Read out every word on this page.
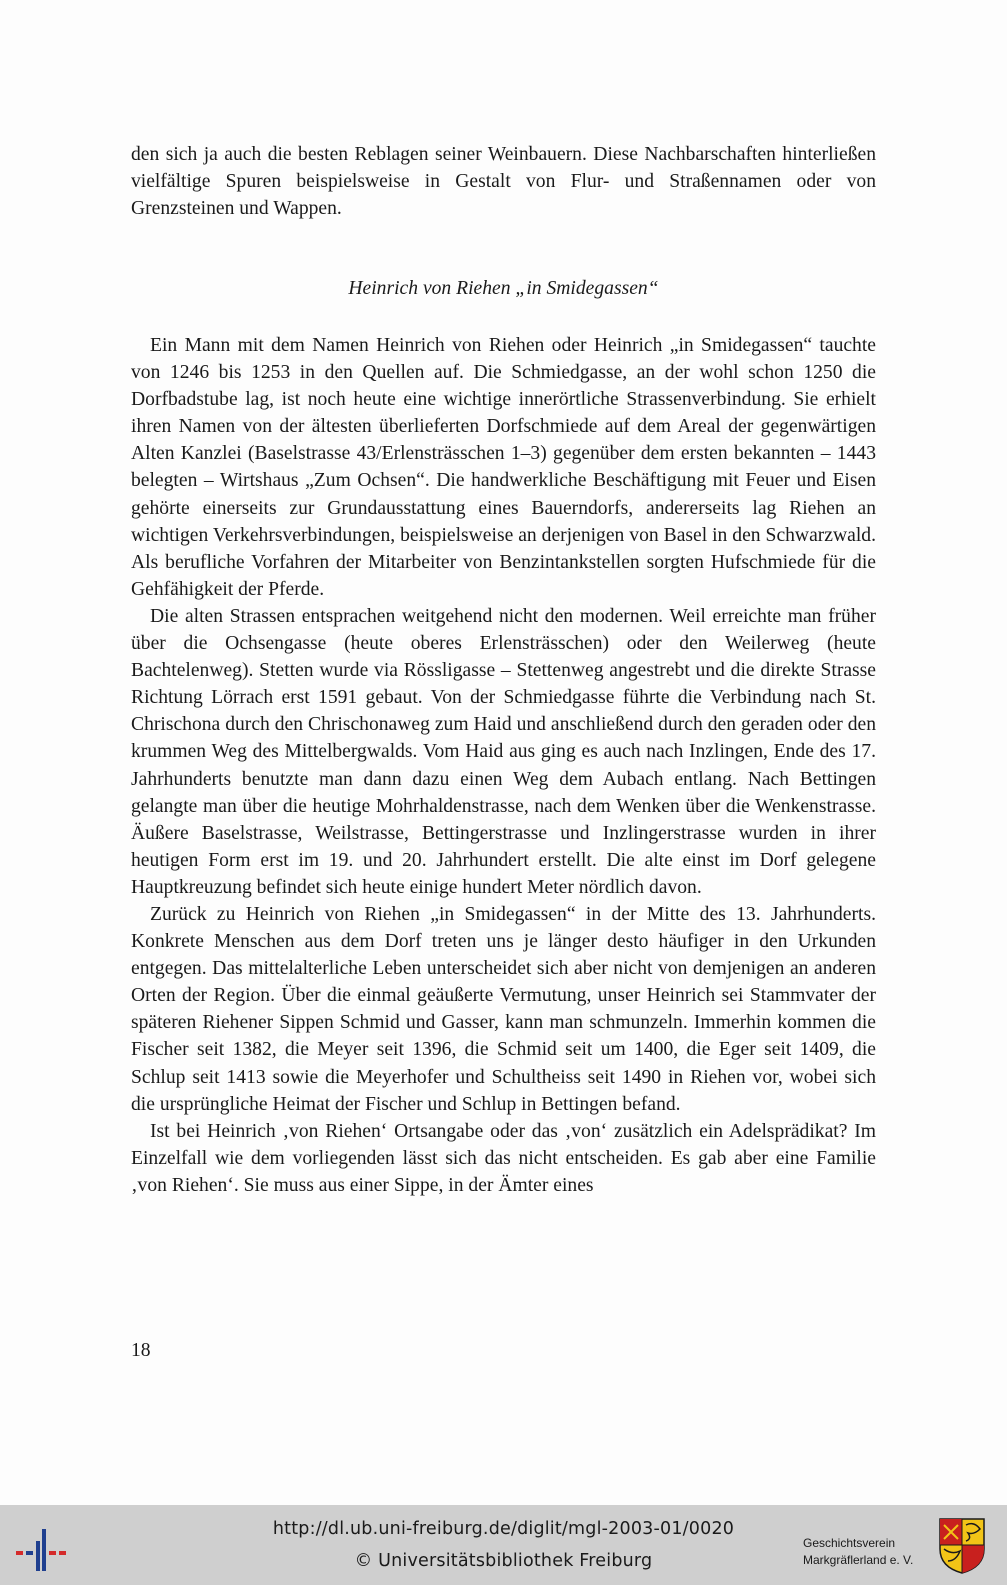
den sich ja auch die besten Reblagen seiner Weinbauern. Diese Nachbarschaften hinterließen vielfältige Spuren beispielsweise in Gestalt von Flur- und Straßennamen oder von Grenzsteinen und Wappen.

Heinrich von Riehen „in Smidegassen“

Ein Mann mit dem Namen Heinrich von Riehen oder Heinrich „in Smidegassen“ tauchte von 1246 bis 1253 in den Quellen auf. Die Schmiedgasse, an der wohl schon 1250 die Dorfbadstube lag, ist noch heute eine wichtige innerörtliche Strassenverbindung. Sie erhielt ihren Namen von der ältesten überlieferten Dorfschmiede auf dem Areal der gegenwärtigen Alten Kanzlei (Baselstrasse 43/Erlensträsschen 1–3) gegenüber dem ersten bekannten – 1443 belegten – Wirtshaus „Zum Ochsen“. Die handwerkliche Beschäftigung mit Feuer und Eisen gehörte einerseits zur Grundausstattung eines Bauerndorfs, andererseits lag Riehen an wichtigen Verkehrsverbindungen, beispielsweise an derjenigen von Basel in den Schwarzwald. Als berufliche Vorfahren der Mitarbeiter von Benzintankstellen sorgten Hufschmiede für die Gehfähigkeit der Pferde.

Die alten Strassen entsprachen weitgehend nicht den modernen. Weil erreichte man früher über die Ochsengasse (heute oberes Erlensträsschen) oder den Weilerweg (heute Bachtelenweg). Stetten wurde via Rössligasse – Stettenweg angestrebt und die direkte Strasse Richtung Lörrach erst 1591 gebaut. Von der Schmiedgasse führte die Verbindung nach St. Chrischona durch den Chrischonaweg zum Haid und anschließend durch den geraden oder den krummen Weg des Mittelbergwalds. Vom Haid aus ging es auch nach Inzlingen, Ende des 17. Jahrhunderts benutzte man dann dazu einen Weg dem Aubach entlang. Nach Bettingen gelangte man über die heutige Mohrhaldenstrasse, nach dem Wenken über die Wenkenstrasse. Äußere Baselstrasse, Weilstrasse, Bettingerstrasse und Inzlingerstrasse wurden in ihrer heutigen Form erst im 19. und 20. Jahrhundert erstellt. Die alte einst im Dorf gelegene Hauptkreuzung befindet sich heute einige hundert Meter nördlich davon.

Zurück zu Heinrich von Riehen „in Smidegassen“ in der Mitte des 13. Jahrhunderts. Konkrete Menschen aus dem Dorf treten uns je länger desto häufiger in den Urkunden entgegen. Das mittelalterliche Leben unterscheidet sich aber nicht von demjenigen an anderen Orten der Region. Über die einmal geäußerte Vermutung, unser Heinrich sei Stammvater der späteren Riehener Sippen Schmid und Gasser, kann man schmunzeln. Immerhin kommen die Fischer seit 1382, die Meyer seit 1396, die Schmid seit um 1400, die Eger seit 1409, die Schlup seit 1413 sowie die Meyerhofer und Schultheiss seit 1490 in Riehen vor, wobei sich die ursprüngliche Heimat der Fischer und Schlup in Bettingen befand.

Ist bei Heinrich ‚von Riehen‘ Ortsangabe oder das ‚von‘ zusätzlich ein Adelsprädikat? Im Einzelfall wie dem vorliegenden lässt sich das nicht entscheiden. Es gab aber eine Familie ‚von Riehen‘. Sie muss aus einer Sippe, in der Ämter eines

18
http://dl.ub.uni-freiburg.de/diglit/mgl-2003-01/0020
© Universitätsbibliothek Freiburg
Geschichtsverein
Markgräflerland e. V.
